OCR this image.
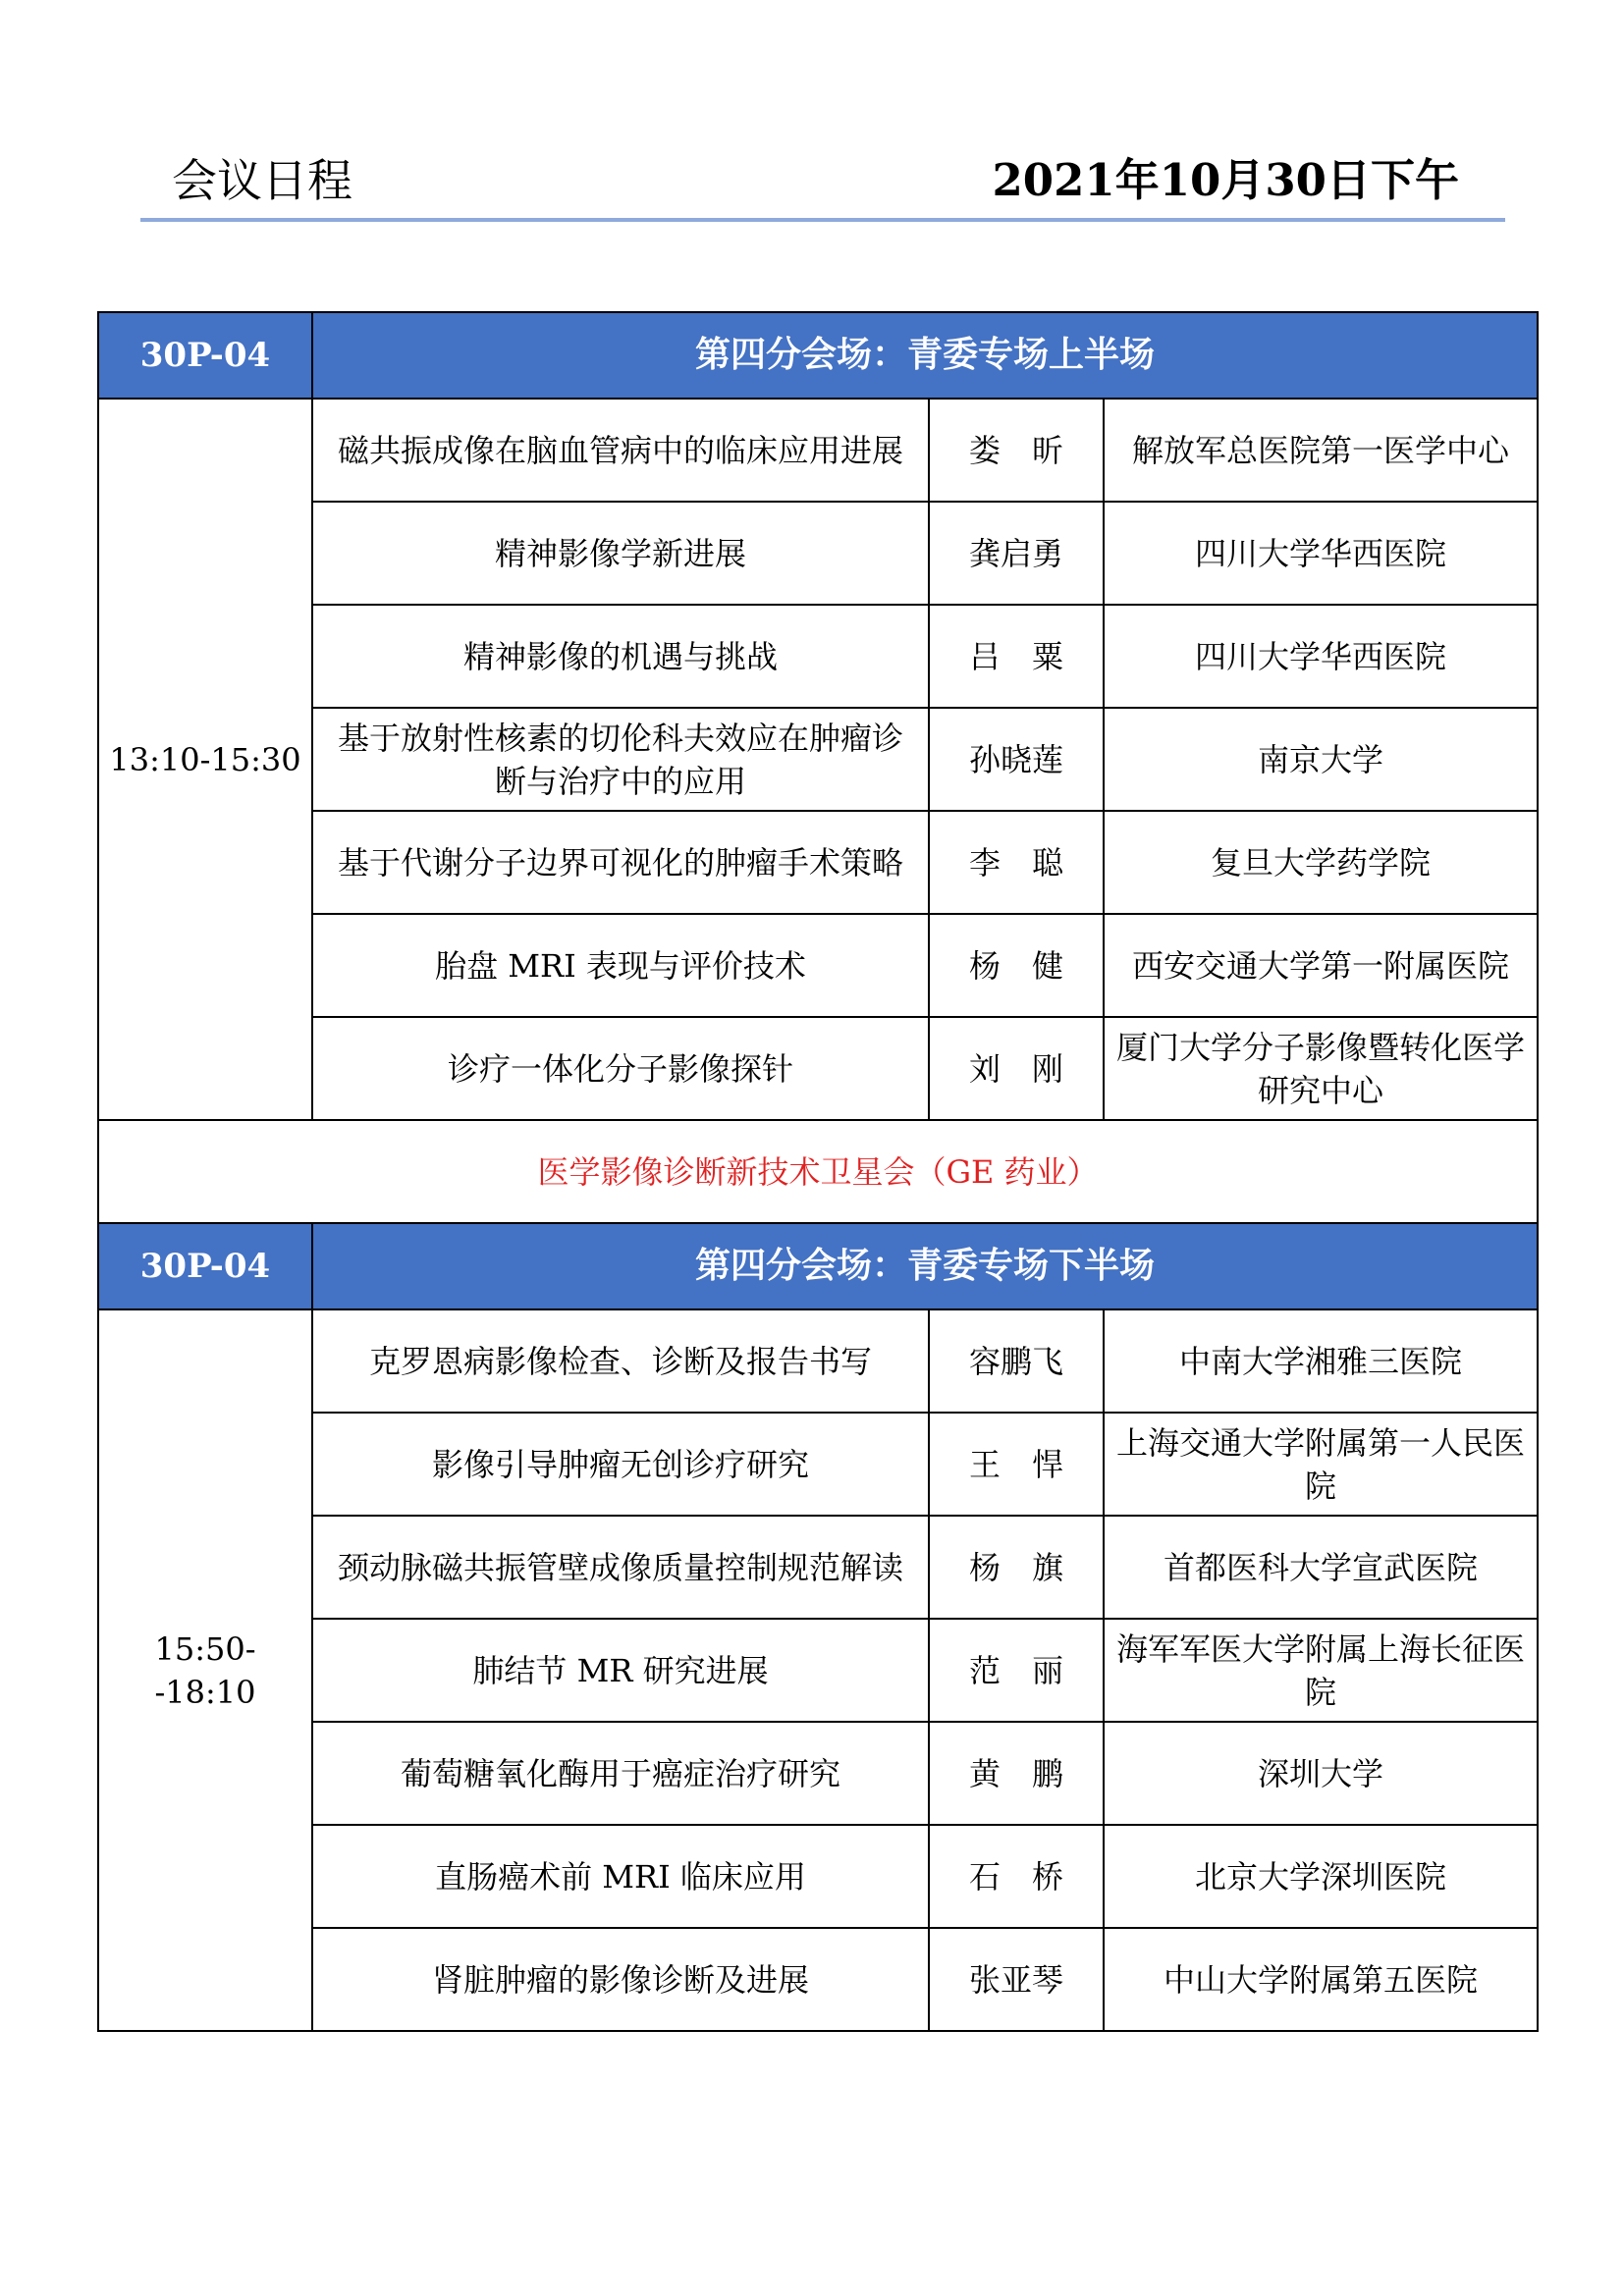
会议日程	2021年10月30日下午
30P-04	第四分会场：青委专场上半场		
13:10-15:30	磁共振成像在脑血管病中的临床应用进展	娄　昕	解放军总医院第一医学中心
	精神影像学新进展	龚启勇	四川大学华西医院
	精神影像的机遇与挑战	吕　粟	四川大学华西医院
	基于放射性核素的切伦科夫效应在肿瘤诊断与治疗中的应用	孙晓莲	南京大学
	基于代谢分子边界可视化的肿瘤手术策略	李　聪	复旦大学药学院
	胎盘 MRI 表现与评价技术	杨　健	西安交通大学第一附属医院
	诊疗一体化分子影像探针	刘　刚	厦门大学分子影像暨转化医学研究中心
医学影像诊断新技术卫星会（GE 药业）			
30P-04	第四分会场：青委专场下半场		
15:50--18:10	克罗恩病影像检查、诊断及报告书写	容鹏飞	中南大学湘雅三医院
	影像引导肿瘤无创诊疗研究	王　悍	上海交通大学附属第一人民医院
	颈动脉磁共振管壁成像质量控制规范解读	杨　旗	首都医科大学宣武医院
	肺结节 MR 研究进展	范　丽	海军军医大学附属上海长征医院
	葡萄糖氧化酶用于癌症治疗研究	黄　鹏	深圳大学
	直肠癌术前 MRI 临床应用	石　桥	北京大学深圳医院
	肾脏肿瘤的影像诊断及进展	张亚琴	中山大学附属第五医院
